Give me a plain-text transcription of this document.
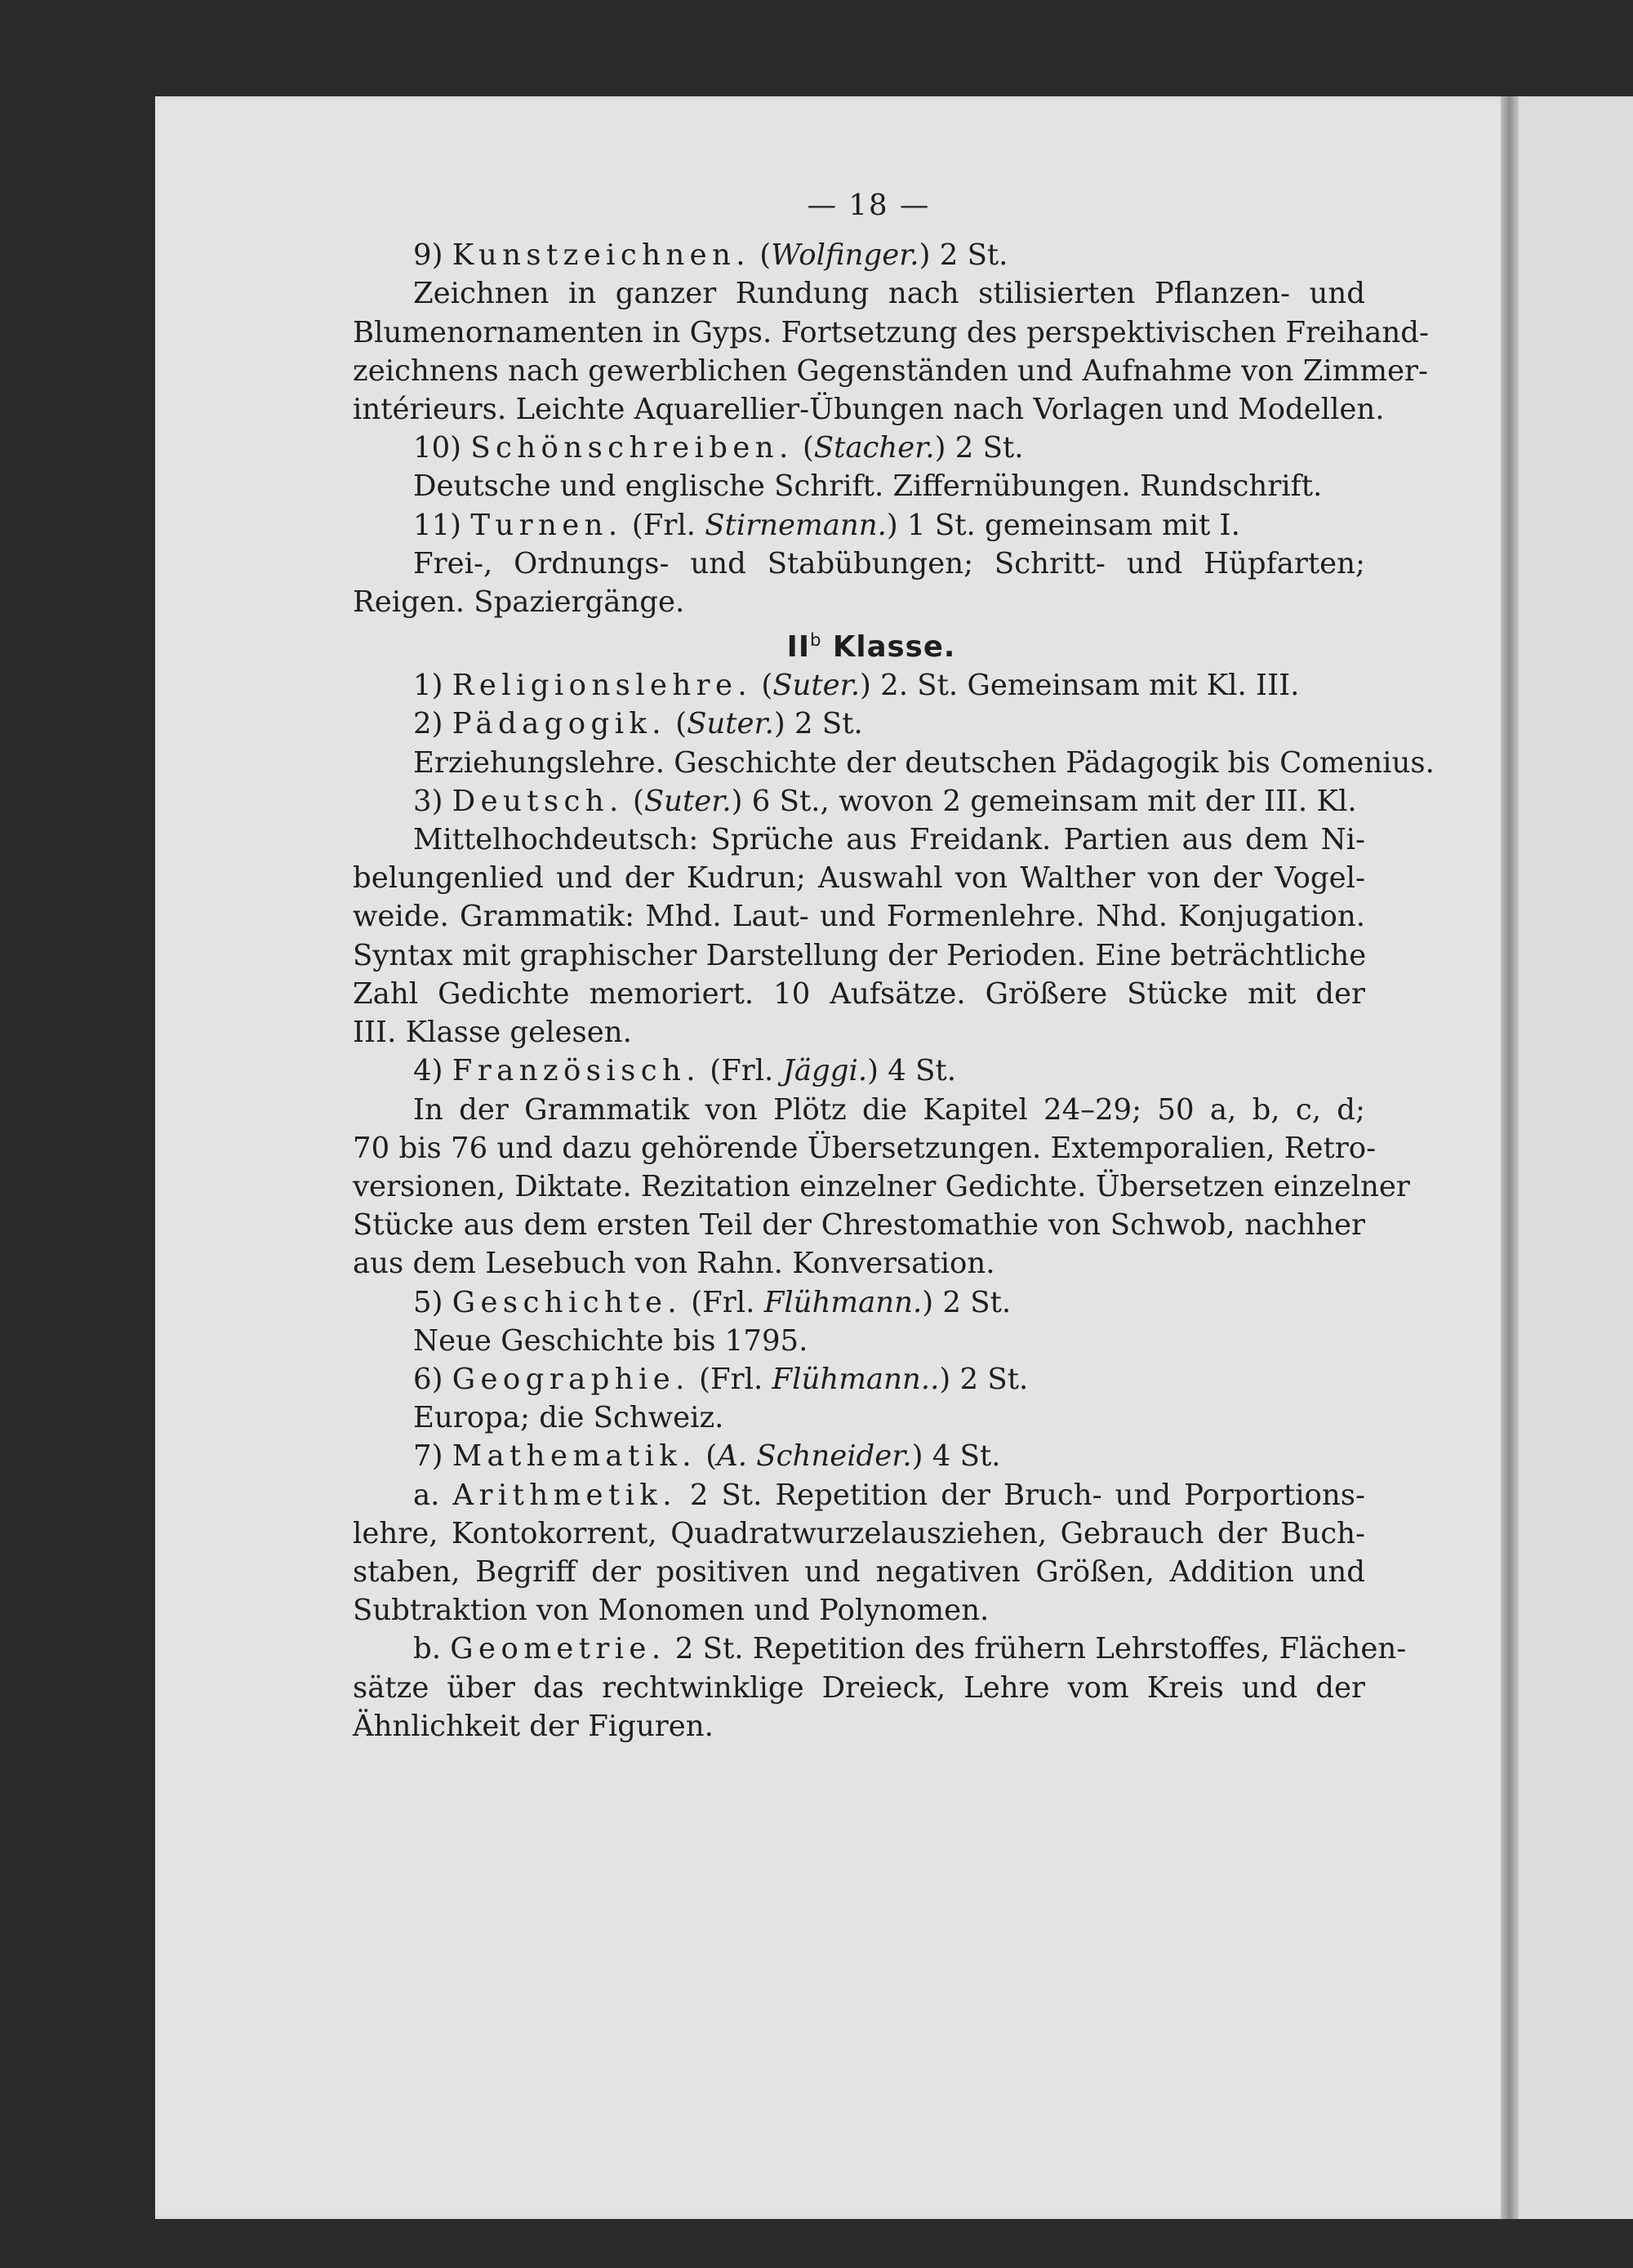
— 18 —
9) Kunstzeichnen. (Wolfinger.) 2 St.
Zeichnen in ganzer Rundung nach stilisierten Pflanzen- und
Blumenornamenten in Gyps. Fortsetzung des perspektivischen Freihand-
zeichnens nach gewerblichen Gegenständen und Aufnahme von Zimmer-
intérieurs. Leichte Aquarellier-Übungen nach Vorlagen und Modellen.
10) Schönschreiben. (Stacher.) 2 St.
Deutsche und englische Schrift. Ziffernübungen. Rundschrift.
11) Turnen. (Frl. Stirnemann.) 1 St. gemeinsam mit I.
Frei-, Ordnungs- und Stabübungen; Schritt- und Hüpfarten;
Reigen. Spaziergänge.
$II^b$ Klasse.
1) Religionslehre. (Suter.) 2. St. Gemeinsam mit Kl. III.
2) Pädagogik. (Suter.) 2 St.
Erziehungslehre. Geschichte der deutschen Pädagogik bis Comenius.
3) Deutsch. (Suter.) 6 St., wovon 2 gemeinsam mit der III. Kl.
Mittelhochdeutsch: Sprüche aus Freidank. Partien aus dem Ni-
belungenlied und der Kudrun; Auswahl von Walther von der Vogel-
weide. Grammatik: Mhd. Laut- und Formenlehre. Nhd. Konjugation.
Syntax mit graphischer Darstellung der Perioden. Eine beträchtliche
Zahl Gedichte memoriert. 10 Aufsätze. Größere Stücke mit der
III. Klasse gelesen.
4) Französisch. (Frl. Jäggi.) 4 St.
In der Grammatik von Plötz die Kapitel 24–29; 50 a, b, c, d;
70 bis 76 und dazu gehörende Übersetzungen. Extemporalien, Retro-
versionen, Diktate. Rezitation einzelner Gedichte. Übersetzen einzelner
Stücke aus dem ersten Teil der Chrestomathie von Schwob, nachher
aus dem Lesebuch von Rahn. Konversation.
5) Geschichte. (Frl. Flühmann.) 2 St.
Neue Geschichte bis 1795.
6) Geographie. (Frl. Flühmann..) 2 St.
Europa; die Schweiz.
7) Mathematik. (A. Schneider.) 4 St.
a. Arithmetik. 2 St. Repetition der Bruch- und Porportions-
lehre, Kontokorrent, Quadratwurzelausziehen, Gebrauch der Buch-
staben, Begriff der positiven und negativen Größen, Addition und
Subtraktion von Monomen und Polynomen.
b. Geometrie. 2 St. Repetition des frühern Lehrstoffes, Flächen-
sätze über das rechtwinklige Dreieck, Lehre vom Kreis und der
Ähnlichkeit der Figuren.
